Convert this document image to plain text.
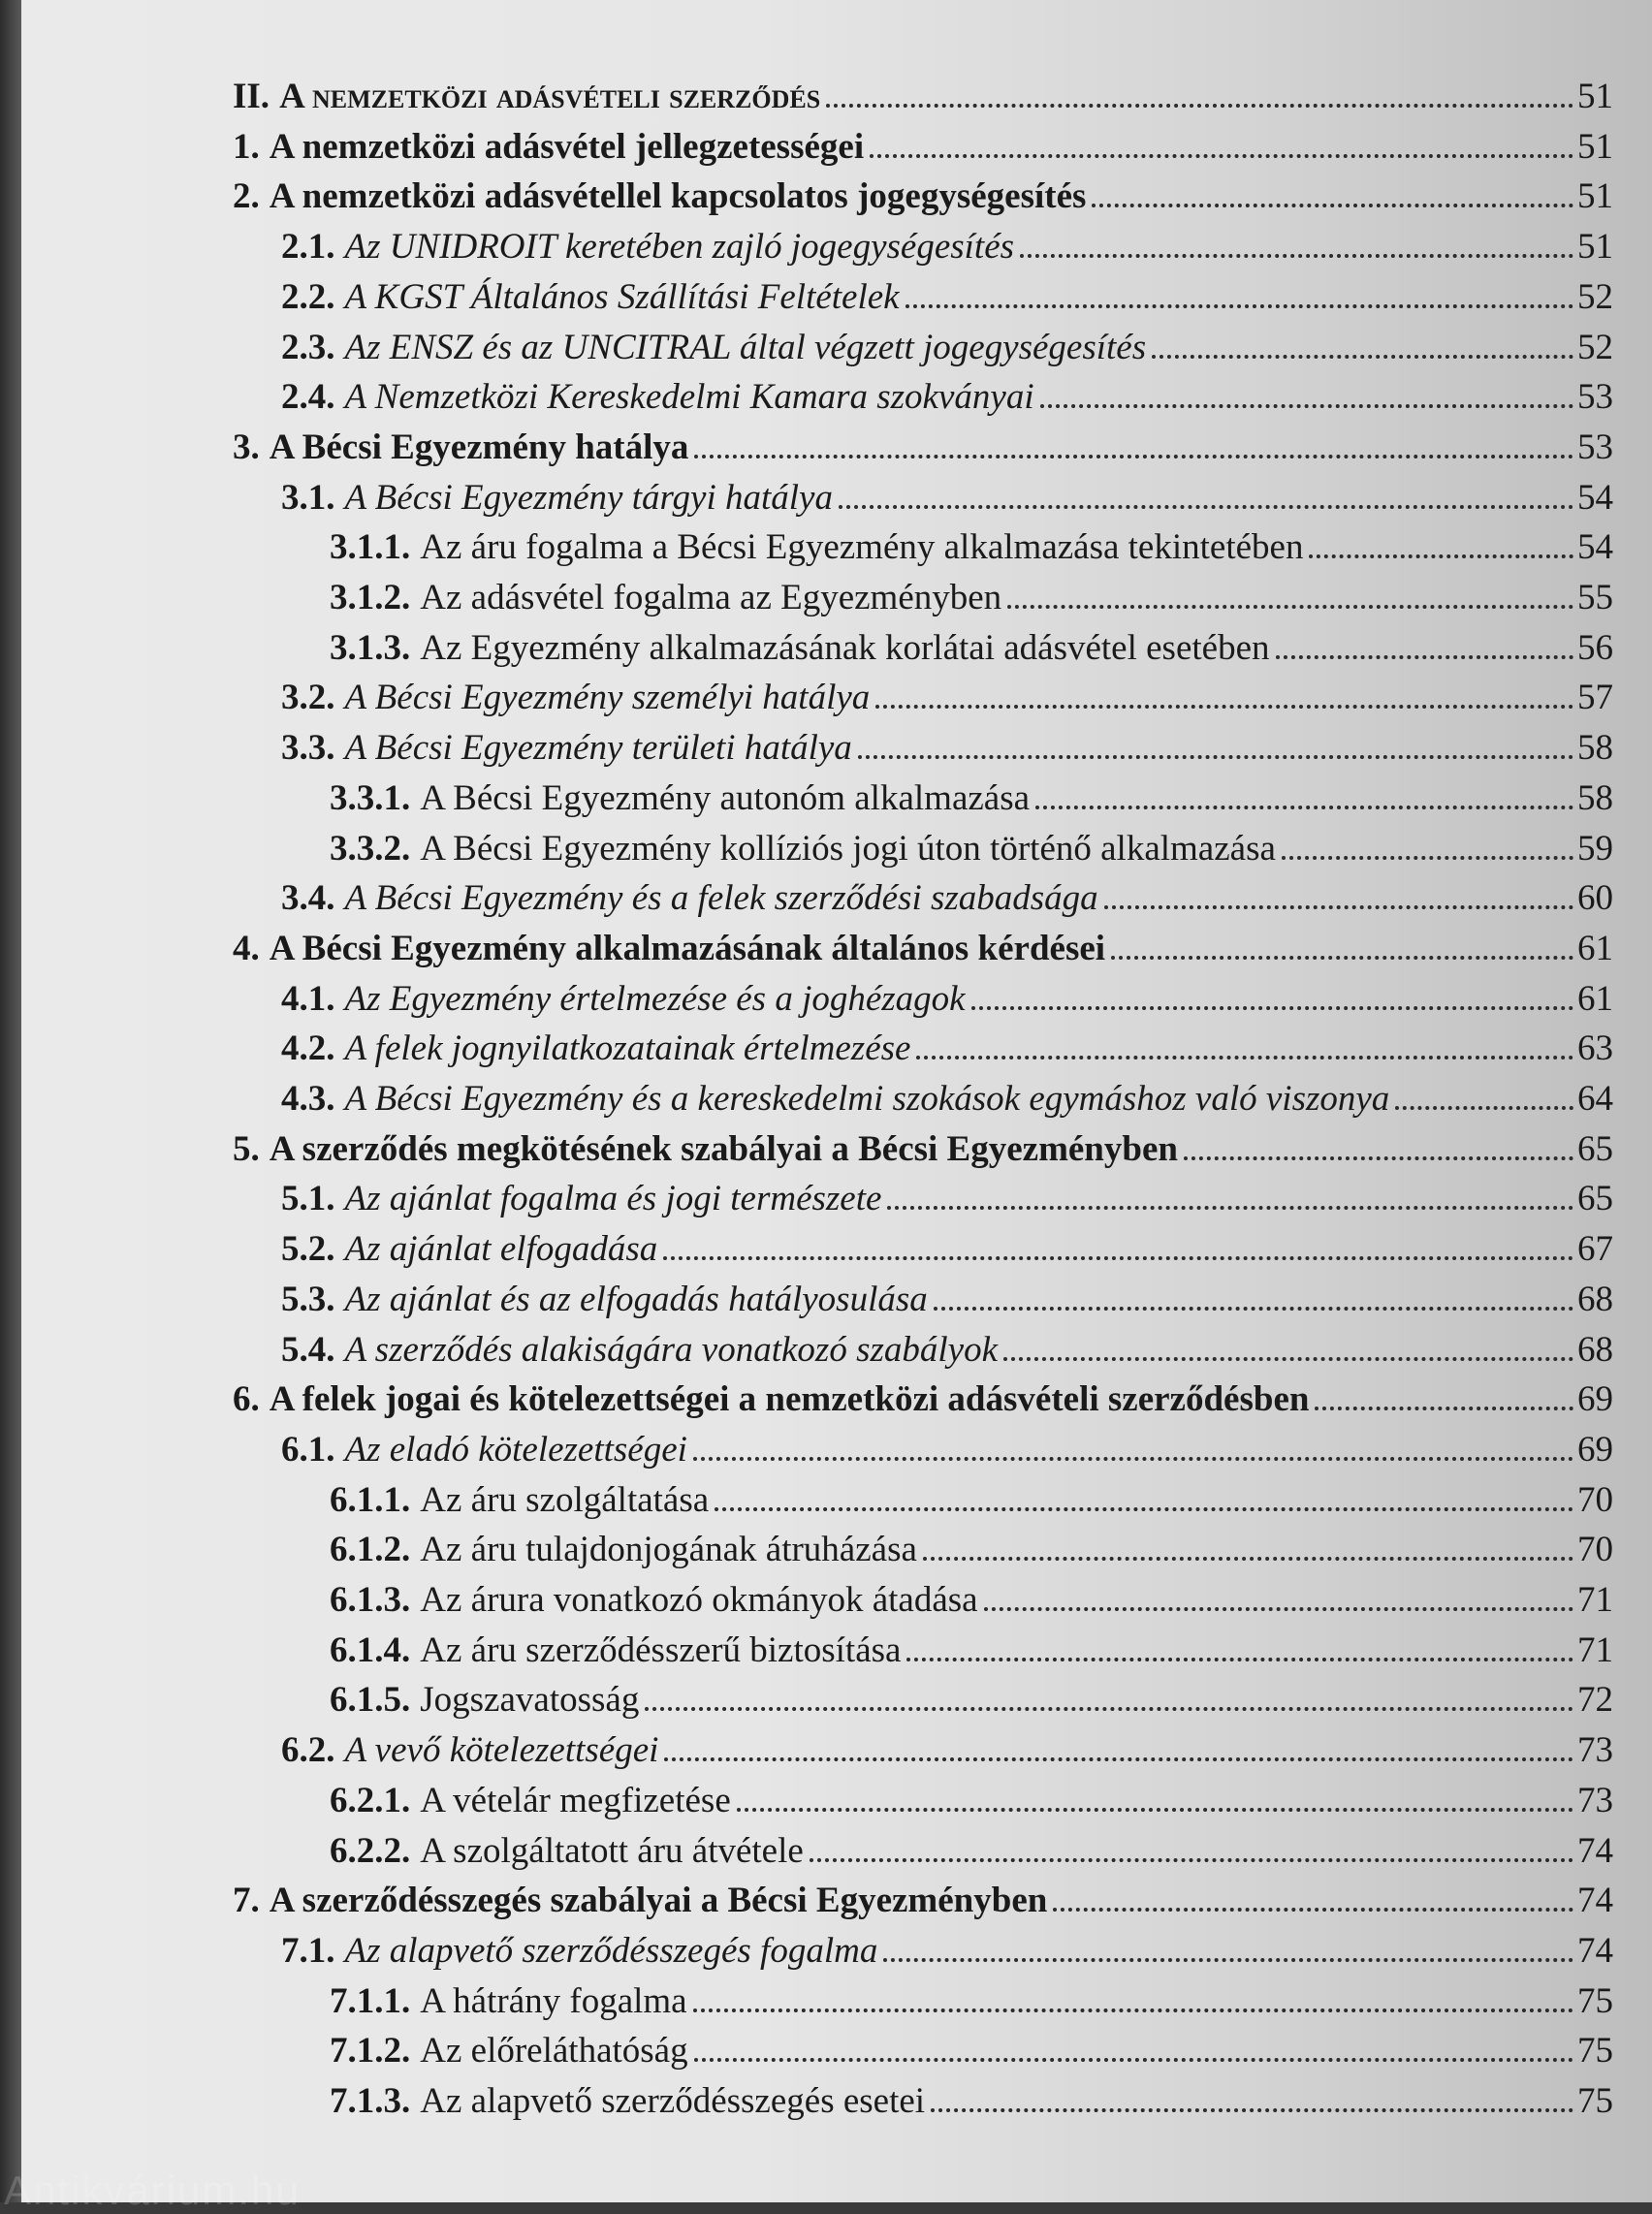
II. A nemzetközi adásvételi szerződés	51
1. A nemzetközi adásvétel jellegzetességei	51
2. A nemzetközi adásvétellel kapcsolatos jogegységesítés	51
2.1. Az UNIDROIT keretében zajló jogegységesítés	51
2.2. A KGST Általános Szállítási Feltételek	52
2.3. Az ENSZ és az UNCITRAL által végzett jogegységesítés	52
2.4. A Nemzetközi Kereskedelmi Kamara szokványai	53
3. A Bécsi Egyezmény hatálya	53
3.1. A Bécsi Egyezmény tárgyi hatálya	54
3.1.1. Az áru fogalma a Bécsi Egyezmény alkalmazása tekintetében	54
3.1.2. Az adásvétel fogalma az Egyezményben	55
3.1.3. Az Egyezmény alkalmazásának korlátai adásvétel esetében	56
3.2. A Bécsi Egyezmény személyi hatálya	57
3.3. A Bécsi Egyezmény területi hatálya	58
3.3.1. A Bécsi Egyezmény autonóm alkalmazása	58
3.3.2. A Bécsi Egyezmény kollíziós jogi úton történő alkalmazása	59
3.4. A Bécsi Egyezmény és a felek szerződési szabadsága	60
4. A Bécsi Egyezmény alkalmazásának általános kérdései	61
4.1. Az Egyezmény értelmezése és a joghézagok	61
4.2. A felek jognyilatkozatainak értelmezése	63
4.3. A Bécsi Egyezmény és a kereskedelmi szokások egymáshoz való viszonya	64
5. A szerződés megkötésének szabályai a Bécsi Egyezményben	65
5.1. Az ajánlat fogalma és jogi természete	65
5.2. Az ajánlat elfogadása	67
5.3. Az ajánlat és az elfogadás hatályosulása	68
5.4. A szerződés alakiságára vonatkozó szabályok	68
6. A felek jogai és kötelezettségei a nemzetközi adásvételi szerződésben	69
6.1. Az eladó kötelezettségei	69
6.1.1. Az áru szolgáltatása	70
6.1.2. Az áru tulajdonjogának átruházása	70
6.1.3. Az árura vonatkozó okmányok átadása	71
6.1.4. Az áru szerződésszerű biztosítása	71
6.1.5. Jogszavatosság	72
6.2. A vevő kötelezettségei	73
6.2.1. A vételár megfizetése	73
6.2.2. A szolgáltatott áru átvétele	74
7. A szerződésszegés szabályai a Bécsi Egyezményben	74
7.1. Az alapvető szerződésszegés fogalma	74
7.1.1. A hátrány fogalma	75
7.1.2. Az előreláthatóság	75
7.1.3. Az alapvető szerződésszegés esetei	75
Antikvárium.hu
